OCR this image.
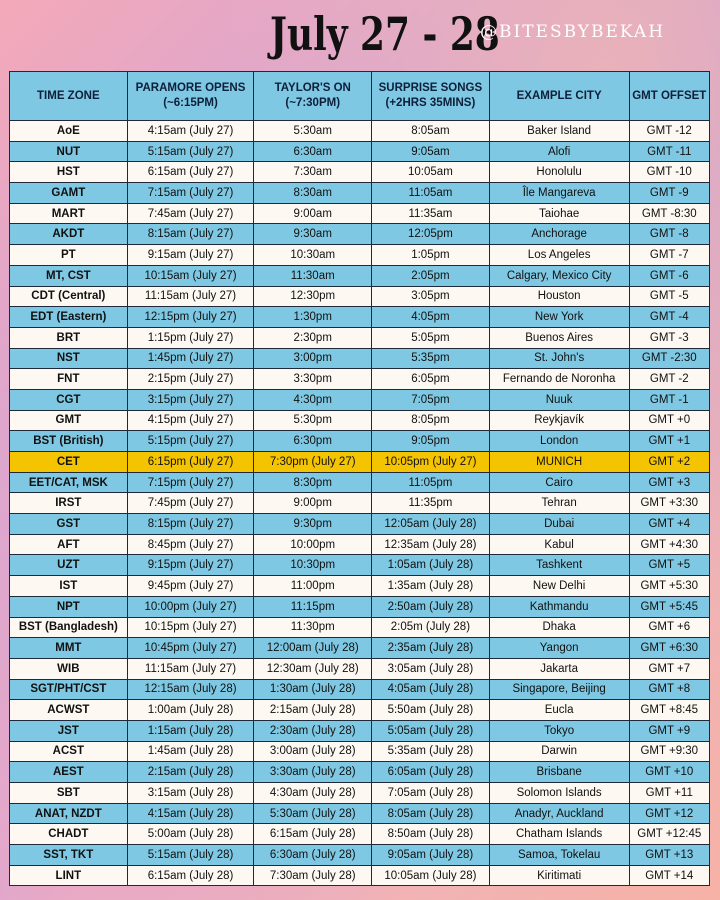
July 27 - 28
@BITESBYBEKAH
TIME ZONE	PARAMORE OPENS (~6:15PM)	TAYLOR'S ON (~7:30PM)	SURPRISE SONGS (+2HRS 35MINS)	EXAMPLE CITY	GMT OFFSET
AoE	4:15am (July 27)	5:30am	8:05am	Baker Island	GMT -12
NUT	5:15am (July 27)	6:30am	9:05am	Alofi	GMT -11
HST	6:15am (July 27)	7:30am	10:05am	Honolulu	GMT -10
GAMT	7:15am (July 27)	8:30am	11:05am	Île Mangareva	GMT -9
MART	7:45am (July 27)	9:00am	11:35am	Taiohae	GMT -8:30
AKDT	8:15am (July 27)	9:30am	12:05pm	Anchorage	GMT -8
PT	9:15am (July 27)	10:30am	1:05pm	Los Angeles	GMT -7
MT, CST	10:15am (July 27)	11:30am	2:05pm	Calgary, Mexico City	GMT -6
CDT (Central)	11:15am (July 27)	12:30pm	3:05pm	Houston	GMT -5
EDT (Eastern)	12:15pm (July 27)	1:30pm	4:05pm	New York	GMT -4
BRT	1:15pm (July 27)	2:30pm	5:05pm	Buenos Aires	GMT -3
NST	1:45pm (July 27)	3:00pm	5:35pm	St. John's	GMT -2:30
FNT	2:15pm (July 27)	3:30pm	6:05pm	Fernando de Noronha	GMT -2
CGT	3:15pm (July 27)	4:30pm	7:05pm	Nuuk	GMT -1
GMT	4:15pm (July 27)	5:30pm	8:05pm	Reykjavík	GMT +0
BST (British)	5:15pm (July 27)	6:30pm	9:05pm	London	GMT +1
CET	6:15pm (July 27)	7:30pm (July 27)	10:05pm (July 27)	MUNICH	GMT +2
EET/CAT, MSK	7:15pm (July 27)	8:30pm	11:05pm	Cairo	GMT +3
IRST	7:45pm (July 27)	9:00pm	11:35pm	Tehran	GMT +3:30
GST	8:15pm (July 27)	9:30pm	12:05am (July 28)	Dubai	GMT +4
AFT	8:45pm (July 27)	10:00pm	12:35am (July 28)	Kabul	GMT +4:30
UZT	9:15pm (July 27)	10:30pm	1:05am (July 28)	Tashkent	GMT +5
IST	9:45pm (July 27)	11:00pm	1:35am (July 28)	New Delhi	GMT +5:30
NPT	10:00pm (July 27)	11:15pm	2:50am (July 28)	Kathmandu	GMT +5:45
BST (Bangladesh)	10:15pm (July 27)	11:30pm	2:05m (July 28)	Dhaka	GMT +6
MMT	10:45pm (July 27)	12:00am (July 28)	2:35am (July 28)	Yangon	GMT +6:30
WIB	11:15am (July 27)	12:30am (July 28)	3:05am (July 28)	Jakarta	GMT +7
SGT/PHT/CST	12:15am (July 28)	1:30am (July 28)	4:05am (July 28)	Singapore, Beijing	GMT +8
ACWST	1:00am (July 28)	2:15am (July 28)	5:50am (July 28)	Eucla	GMT +8:45
JST	1:15am (July 28)	2:30am (July 28)	5:05am (July 28)	Tokyo	GMT +9
ACST	1:45am (July 28)	3:00am (July 28)	5:35am (July 28)	Darwin	GMT +9:30
AEST	2:15am (July 28)	3:30am (July 28)	6:05am (July 28)	Brisbane	GMT +10
SBT	3:15am (July 28)	4:30am (July 28)	7:05am (July 28)	Solomon Islands	GMT +11
ANAT, NZDT	4:15am (July 28)	5:30am (July 28)	8:05am (July 28)	Anadyr, Auckland	GMT +12
CHADT	5:00am (July 28)	6:15am (July 28)	8:50am (July 28)	Chatham Islands	GMT +12:45
SST, TKT	5:15am (July 28)	6:30am (July 28)	9:05am (July 28)	Samoa, Tokelau	GMT +13
LINT	6:15am (July 28)	7:30am (July 28)	10:05am (July 28)	Kiritimati	GMT +14
